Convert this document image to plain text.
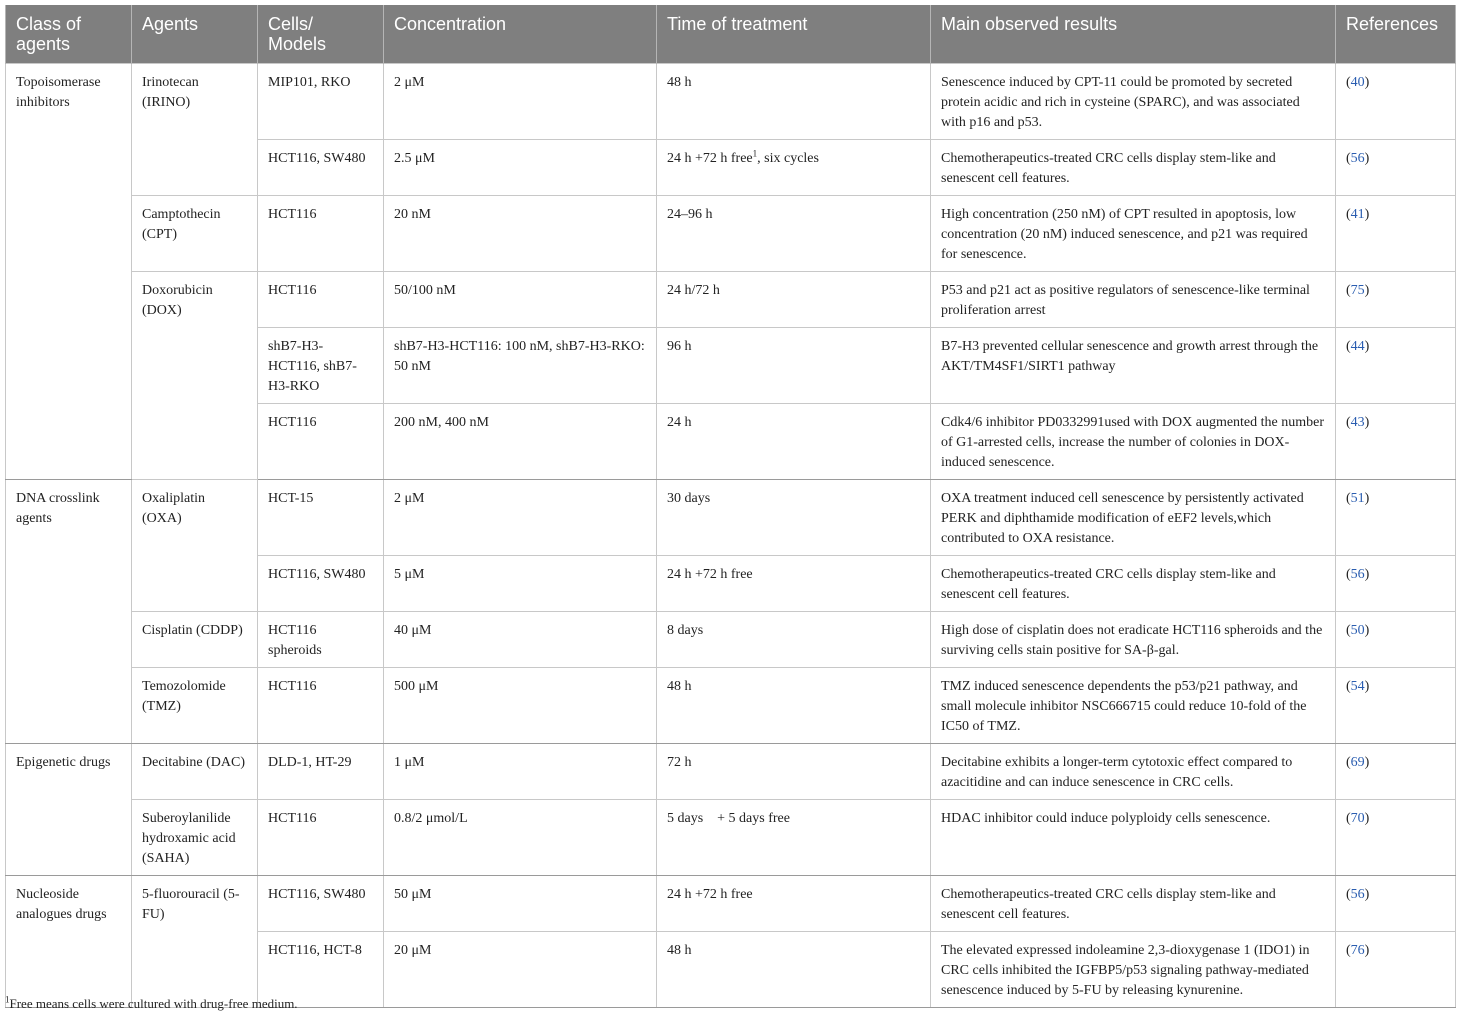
Class of agents	Agents	Cells/ Models	Concentration	Time of treatment	Main observed results	References
Topoisomerase inhibitors	Irinotecan (IRINO)	MIP101, RKO	2 μM	48 h	Senescence induced by CPT-11 could be promoted by secreted protein acidic and rich in cysteine (SPARC), and was associated with p16 and p53.	(40)
		HCT116, SW480	2.5 μM	24 h +72 h free$^1$, six cycles	Chemotherapeutics-treated CRC cells display stem-like and senescent cell features.	(56)
	Camptothecin (CPT)	HCT116	20 nM	24–96 h	High concentration (250 nM) of CPT resulted in apoptosis, low concentration (20 nM) induced senescence, and p21 was required for senescence.	(41)
	Doxorubicin (DOX)	HCT116	50/100 nM	24 h/72 h	P53 and p21 act as positive regulators of senescence-like terminal proliferation arrest	(75)
		shB7-H3-HCT116, shB7-H3-RKO	shB7-H3-HCT116: 100 nM, shB7-H3-RKO: 50 nM	96 h	B7-H3 prevented cellular senescence and growth arrest through the AKT/TM4SF1/SIRT1 pathway	(44)
		HCT116	200 nM, 400 nM	24 h	Cdk4/6 inhibitor PD0332991used with DOX augmented the number of G1-arrested cells, increase the number of colonies in DOX-induced senescence.	(43)
DNA crosslink agents	Oxaliplatin (OXA)	HCT-15	2 μM	30 days	OXA treatment induced cell senescence by persistently activated PERK and diphthamide modification of eEF2 levels,which contributed to OXA resistance.	(51)
		HCT116, SW480	5 μM	24 h +72 h free	Chemotherapeutics-treated CRC cells display stem-like and senescent cell features.	(56)
	Cisplatin (CDDP)	HCT116 spheroids	40 μM	8 days	High dose of cisplatin does not eradicate HCT116 spheroids and the surviving cells stain positive for SA-β-gal.	(50)
	Temozolomide (TMZ)	HCT116	500 μM	48 h	TMZ induced senescence dependents the p53/p21 pathway, and small molecule inhibitor NSC666715 could reduce 10-fold of the IC50 of TMZ.	(54)
Epigenetic drugs	Decitabine (DAC)	DLD-1, HT-29	1 μM	72 h	Decitabine exhibits a longer-term cytotoxic effect compared to azacitidine and can induce senescence in CRC cells.	(69)
	Suberoylanilide hydroxamic acid (SAHA)	HCT116	0.8/2 μmol/L	5 days    + 5 days free	HDAC inhibitor could induce polyploidy cells senescence.	(70)
Nucleoside analogues drugs	5-fluorouracil (5-FU)	HCT116, SW480	50 μM	24 h +72 h free	Chemotherapeutics-treated CRC cells display stem-like and senescent cell features.	(56)
		HCT116, HCT-8	20 μM	48 h	The elevated expressed indoleamine 2,3-dioxygenase 1 (IDO1) in CRC cells inhibited the IGFBP5/p53 signaling pathway-mediated senescence induced by 5-FU by releasing kynurenine.	(76)
$^1$Free means cells were cultured with drug-free medium.
